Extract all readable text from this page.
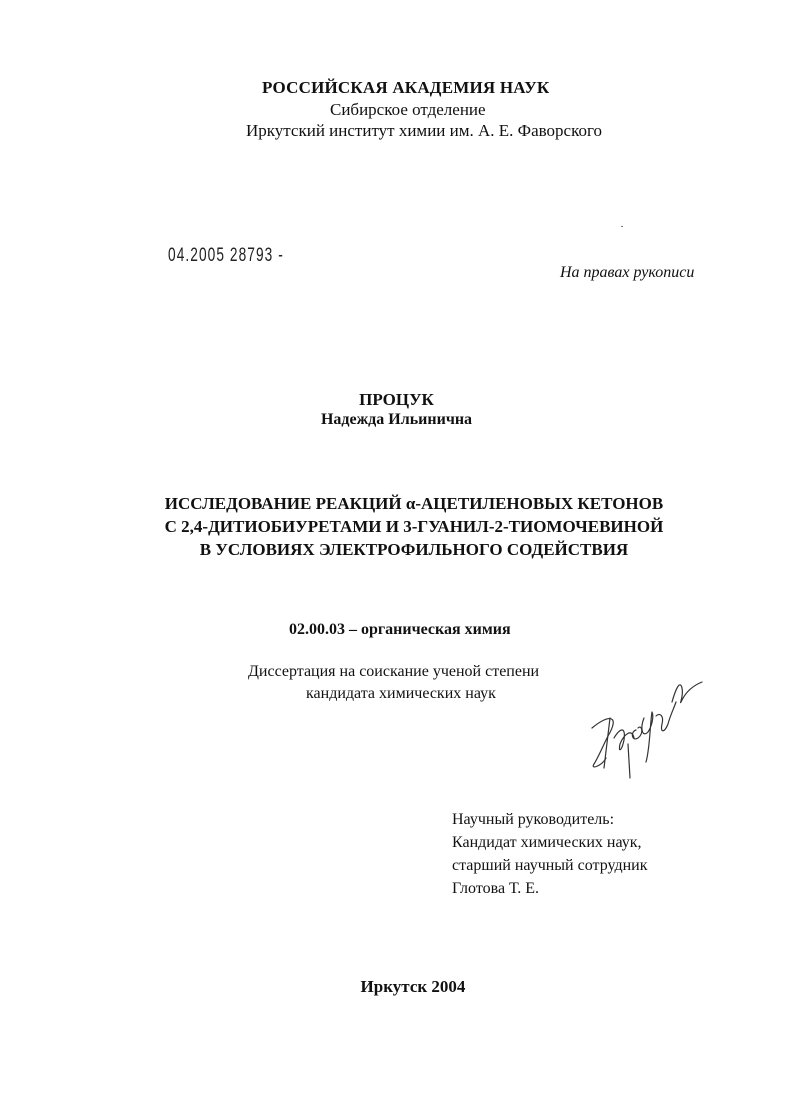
РОССИЙСКАЯ АКАДЕМИЯ НАУК
Сибирское отделение
Иркутский институт химии им. А. Е. Фаворского
04.2005 28793 -
На правах рукописи
ПРОЦУК
Надежда Ильинична
ИССЛЕДОВАНИЕ РЕАКЦИЙ α-АЦЕТИЛЕНОВЫХ КЕТОНОВ
С 2,4-ДИТИОБИУРЕТАМИ И 3-ГУАНИЛ-2-ТИОМОЧЕВИНОЙ
В УСЛОВИЯХ ЭЛЕКТРОФИЛЬНОГО СОДЕЙСТВИЯ
02.00.03 – органическая химия
Диссертация на соискание ученой степени
кандидата химических наук
Научный руководитель:
Кандидат химических наук,
старший научный сотрудник
Глотова Т. Е.
Иркутск 2004
